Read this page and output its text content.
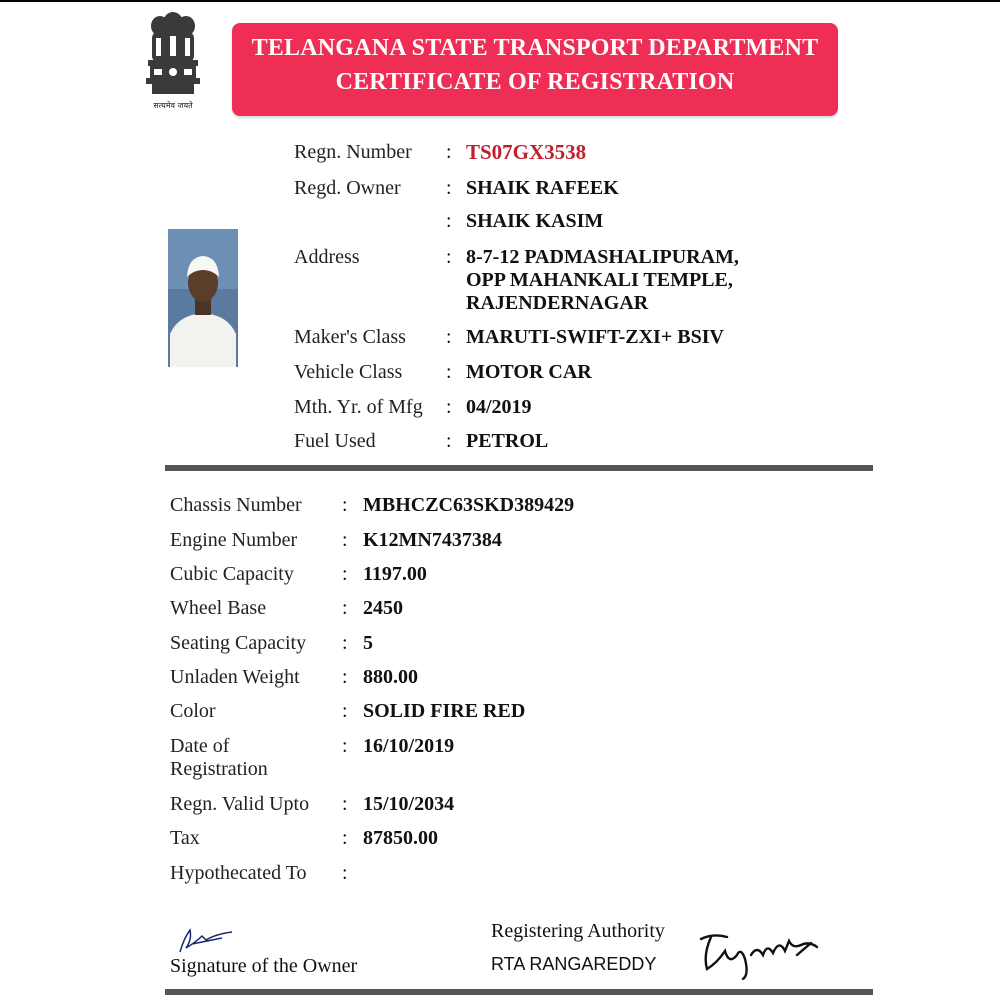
सत्यमेव जयते
TELANGANA STATE TRANSPORT DEPARTMENT
CERTIFICATE OF REGISTRATION
Regn. Number : TS07GX3538
Regd. Owner : SHAIK RAFEEK
: SHAIK KASIM
Address	: 8-7-12 PADMASHALIPURAM,
OPP MAHANKALI TEMPLE,
RAJENDERNAGAR
Maker's Class : MARUTI-SWIFT-ZXI+ BSIV
Vehicle Class : MOTOR CAR
Mth. Yr. of Mfg : 04/2019
Fuel Used	: PETROL
Chassis Number : MBHCZC63SKD389429
Engine Number : K12MN7437384
Cubic Capacity : 1197.00
Wheel Base	: 2450
Seating Capacity : 5
Unladen Weight : 880.00
Color	: SOLID FIRE RED
Date of
Registration
: 16/10/2019
Regn. Valid Upto : 15/10/2034
Tax	: 87850.00
Hypothecated To :
Signature of the Owner
Registering Authority
RTA RANGAREDDY
